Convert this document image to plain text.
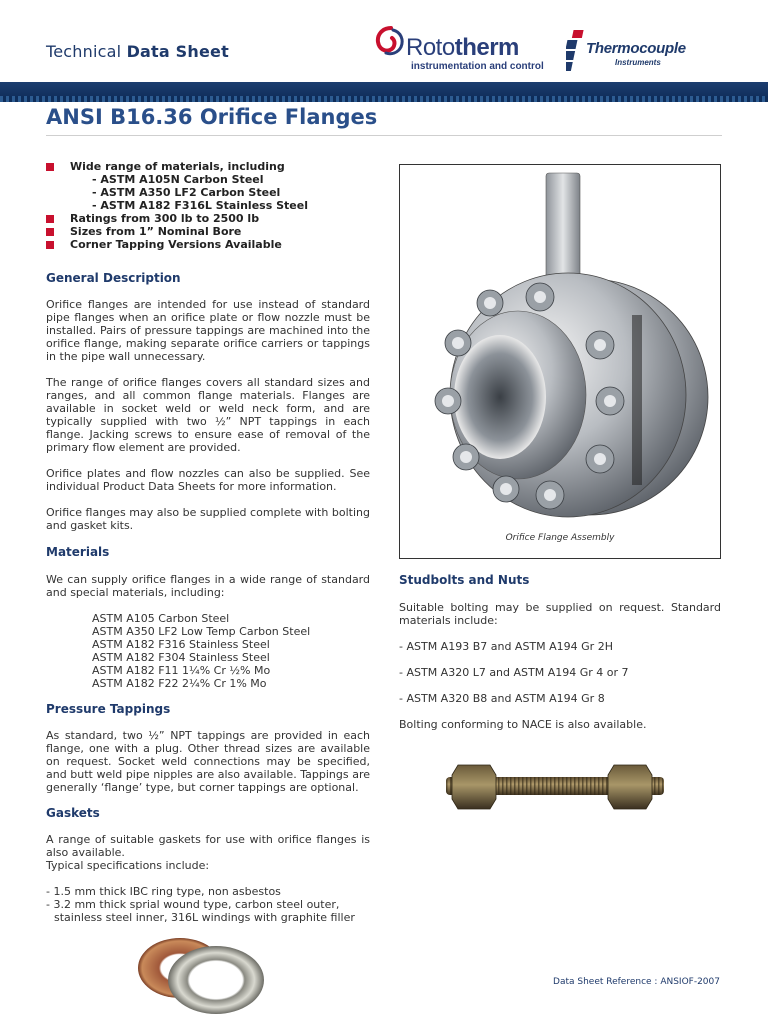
Technical Data Sheet	Rototherm
instrumentation and control
Thermocouple
Instruments
ANSI B16.36 Orifice Flanges
Wide range of materials, including
- ASTM A105N Carbon Steel
- ASTM A350 LF2 Carbon Steel
- ASTM A182 F316L Stainless Steel
Ratings from 300 lb to 2500 lb
Sizes from 1” Nominal Bore
Corner Tapping Versions Available
General Description

Orifice flanges are intended for use instead of standard pipe flanges when an orifice plate or flow nozzle must be installed. Pairs of pressure tappings are machined into the orifice flange, making separate orifice carriers or tappings in the pipe wall unnecessary.

The range of orifice flanges covers all standard sizes and ranges, and all common flange materials. Flanges are available in socket weld or weld neck form, and are typically supplied with two ½” NPT tappings in each flange. Jacking screws to ensure ease of removal of the primary flow element are provided.

Orifice plates and flow nozzles can also be supplied. See individual Product Data Sheets for more information.

Orifice flanges may also be supplied complete with bolting and gasket kits.

Materials

We can supply orifice flanges in a wide range of standard and special materials, including:

ASTM A105 Carbon Steel
ASTM A350 LF2 Low Temp Carbon Steel
ASTM A182 F316 Stainless Steel
ASTM A182 F304 Stainless Steel
ASTM A182 F11 1¼% Cr ½% Mo
ASTM A182 F22 2¼% Cr 1% Mo
Pressure Tappings

As standard, two ½” NPT tappings are provided in each flange, one with a plug. Other thread sizes are available on request. Socket weld connections may be specified, and butt weld pipe nipples are also available. Tappings are generally ‘flange’ type, but corner tappings are optional.

Gaskets

A range of suitable gaskets for use with orifice flanges is also available.

Typical specifications include:
- 1.5 mm thick IBC ring type, non asbestos
- 3.2 mm thick sprial wound type, carbon steel outer,
stainless steel inner, 316L windings with graphite filler
Orifice Flange Assembly
Studbolts and Nuts

Suitable bolting may be supplied on request. Standard materials include:

- ASTM A193 B7 and ASTM A194 Gr 2H
- ASTM A320 L7 and ASTM A194 Gr 4 or 7
- ASTM A320 B8 and ASTM A194 Gr 8
Bolting conforming to NACE is also available.
Data Sheet Reference : ANSIOF-2007
